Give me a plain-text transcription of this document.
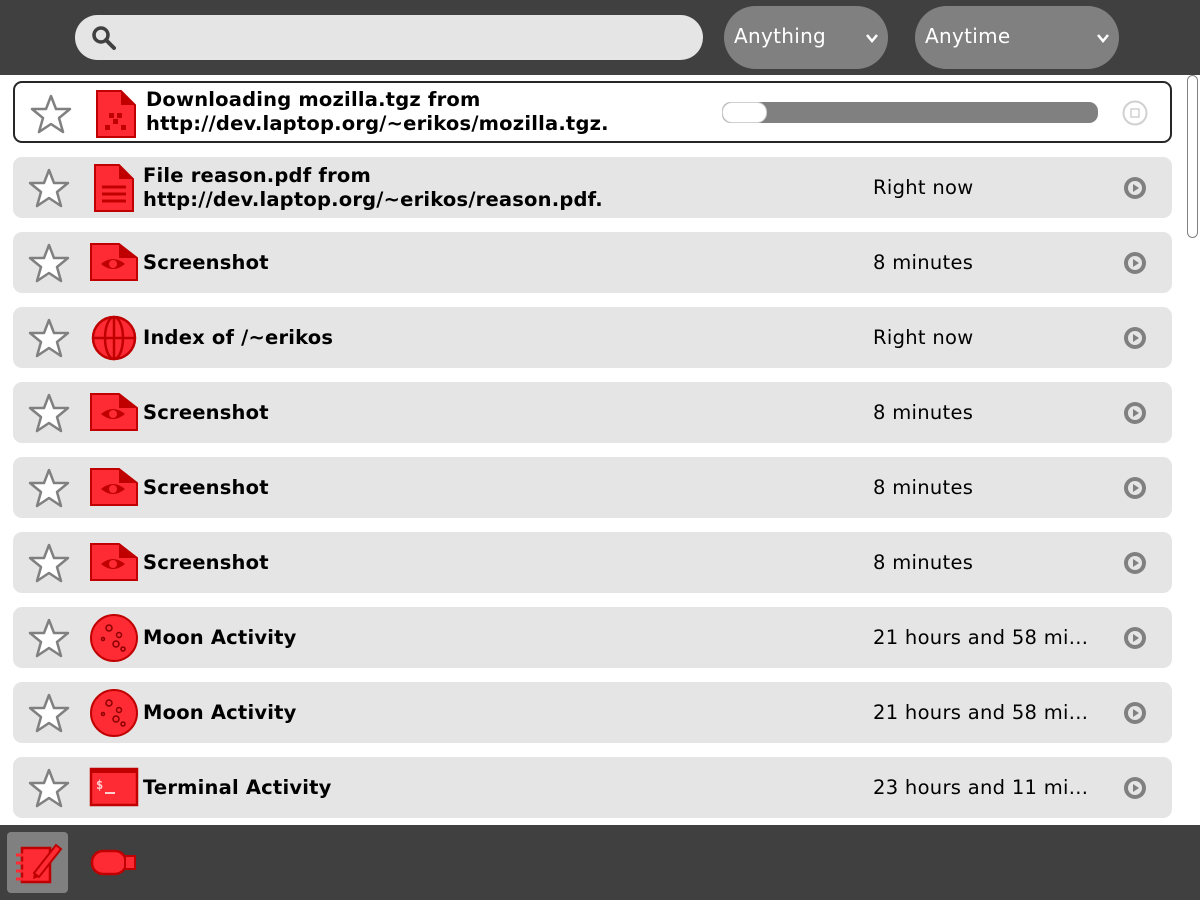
Anything	Anytime
Downloading mozilla.tgz from http://dev.laptop.org/~erikos/mozilla.tgz.
File reason.pdf from http://dev.laptop.org/~erikos/reason.pdf.	Right now
Screenshot	8 minutes
Index of /~erikos	Right now
Screenshot	8 minutes
Screenshot	8 minutes
Screenshot	8 minutes
Moon Activity	21 hours and 58 mi...
Moon Activity	21 hours and 58 mi...
$ Terminal Activity	23 hours and 11 mi...
